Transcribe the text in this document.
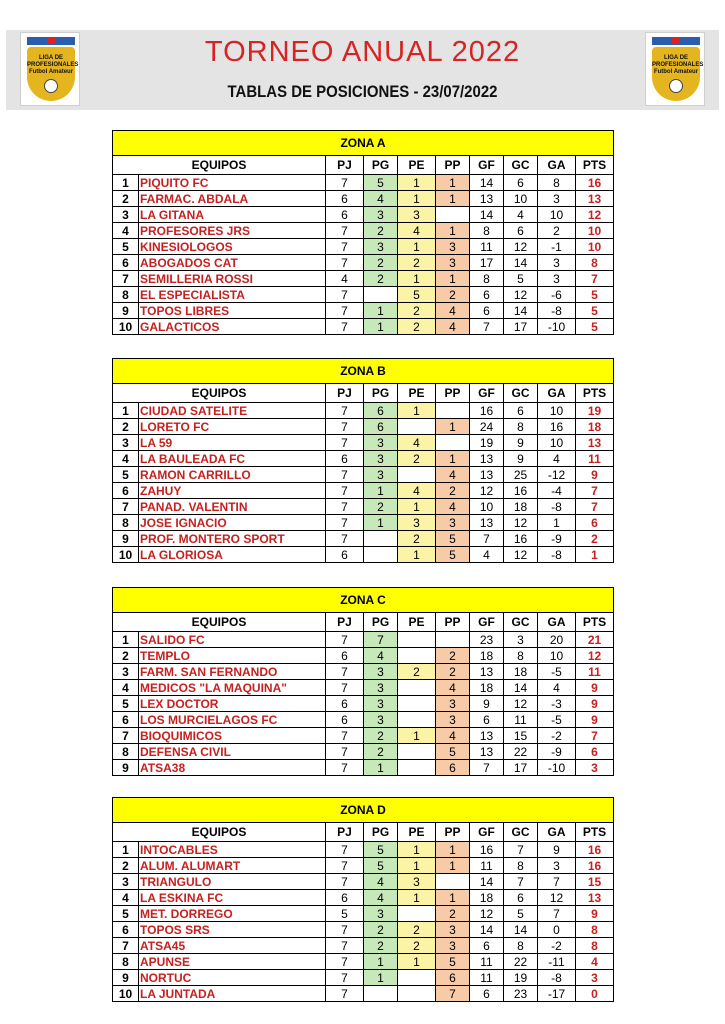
LIGA DE PROFESIONALES Futbol Amateur
TORNEO ANUAL 2022
TABLAS DE POSICIONES - 23/07/2022
LIGA DE PROFESIONALES Futbol Amateur
ZONA A									
EQUIPOS		PJ	PG	PE	PP	GF	GC	GA	PTS
1	PIQUITO FC	7	5	1	1	14	6	8	16
2	FARMAC. ABDALA	6	4	1	1	13	10	3	13
3	LA GITANA	6	3	3		14	4	10	12
4	PROFESORES JRS	7	2	4	1	8	6	2	10
5	KINESIOLOGOS	7	3	1	3	11	12	-1	10
6	ABOGADOS CAT	7	2	2	3	17	14	3	8
7	SEMILLERIA ROSSI	4	2	1	1	8	5	3	7
8	EL ESPECIALISTA	7		5	2	6	12	-6	5
9	TOPOS LIBRES	7	1	2	4	6	14	-8	5
10	GALACTICOS	7	1	2	4	7	17	-10	5
ZONA B									
EQUIPOS		PJ	PG	PE	PP	GF	GC	GA	PTS
1	CIUDAD SATELITE	7	6	1		16	6	10	19
2	LORETO FC	7	6		1	24	8	16	18
3	LA 59	7	3	4		19	9	10	13
4	LA BAULEADA FC	6	3	2	1	13	9	4	11
5	RAMON CARRILLO	7	3		4	13	25	-12	9
6	ZAHUY	7	1	4	2	12	16	-4	7
7	PANAD. VALENTIN	7	2	1	4	10	18	-8	7
8	JOSE IGNACIO	7	1	3	3	13	12	1	6
9	PROF. MONTERO SPORT	7		2	5	7	16	-9	2
10	LA GLORIOSA	6		1	5	4	12	-8	1
ZONA C									
EQUIPOS		PJ	PG	PE	PP	GF	GC	GA	PTS
1	SALIDO FC	7	7			23	3	20	21
2	TEMPLO	6	4		2	18	8	10	12
3	FARM. SAN FERNANDO	7	3	2	2	13	18	-5	11
4	MEDICOS "LA MAQUINA"	7	3		4	18	14	4	9
5	LEX DOCTOR	6	3		3	9	12	-3	9
6	LOS MURCIELAGOS FC	6	3		3	6	11	-5	9
7	BIOQUIMICOS	7	2	1	4	13	15	-2	7
8	DEFENSA CIVIL	7	2		5	13	22	-9	6
9	ATSA38	7	1		6	7	17	-10	3
ZONA D									
EQUIPOS		PJ	PG	PE	PP	GF	GC	GA	PTS
1	INTOCABLES	7	5	1	1	16	7	9	16
2	ALUM. ALUMART	7	5	1	1	11	8	3	16
3	TRIANGULO	7	4	3		14	7	7	15
4	LA ESKINA FC	6	4	1	1	18	6	12	13
5	MET. DORREGO	5	3		2	12	5	7	9
6	TOPOS SRS	7	2	2	3	14	14	0	8
7	ATSA45	7	2	2	3	6	8	-2	8
8	APUNSE	7	1	1	5	11	22	-11	4
9	NORTUC	7	1		6	11	19	-8	3
10	LA JUNTADA	7			7	6	23	-17	0
